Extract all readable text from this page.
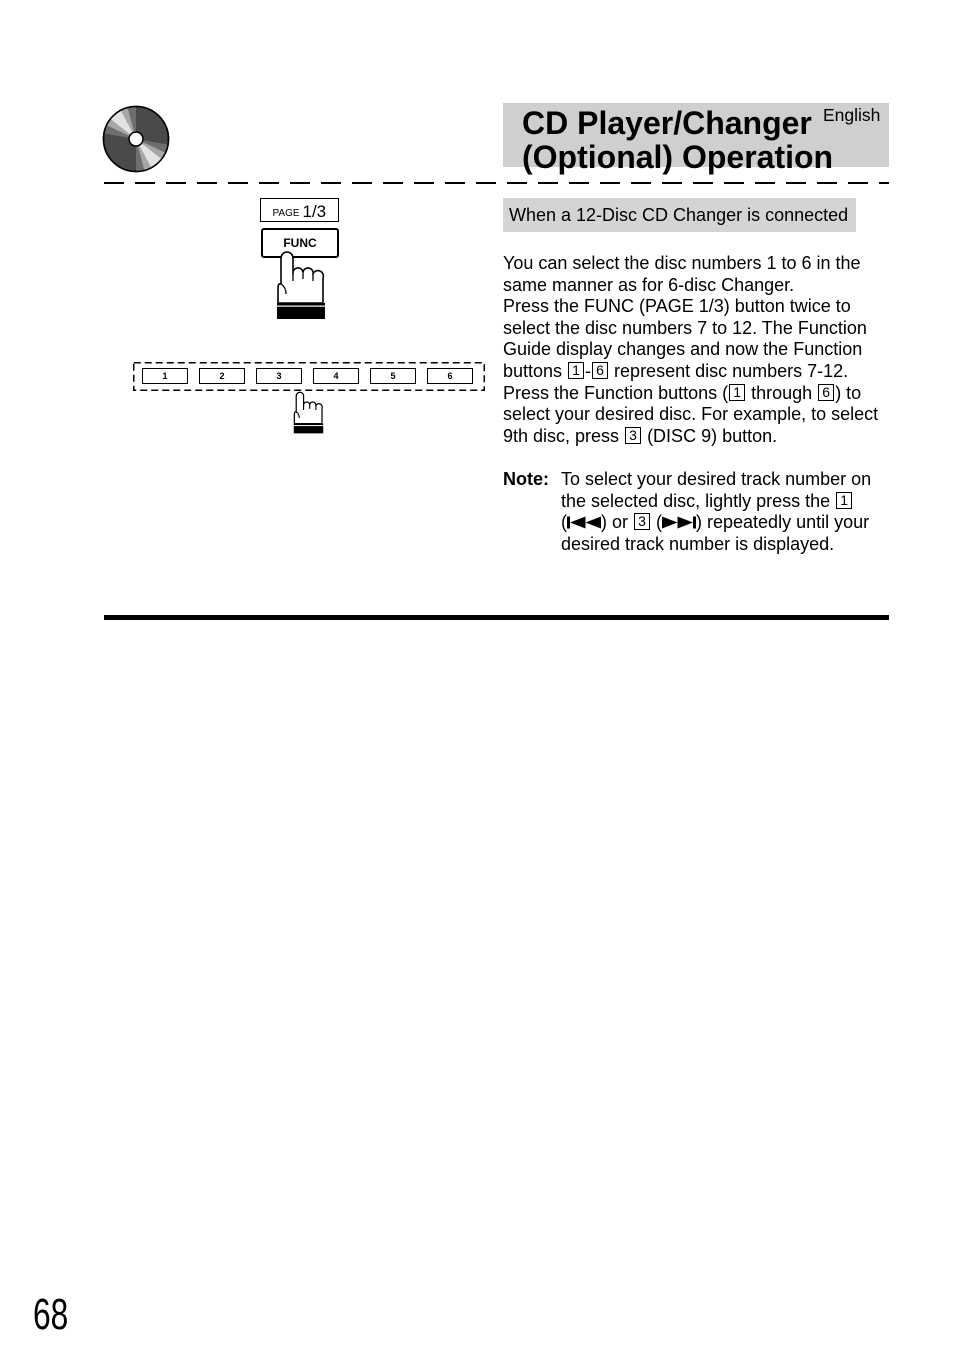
CD Player/Changer
(Optional) Operation
English
PAGE 1/3
FUNC
1	2	3	4	5	6
When a 12-Disc CD Changer is connected
You can select the disc numbers 1 to 6 in the
same manner as for 6-disc Changer.
Press the FUNC (PAGE 1/3) button twice to
select the disc numbers 7 to 12. The Function
Guide display changes and now the Function
buttons 1 - 6 represent disc numbers 7-12.
Press the Function buttons ( 1 through 6 ) to
select your desired disc. For example, to select
9th disc, press 3 (DISC 9) button.
Note: To select your desired track number on
the selected disc, lightly press the 1
( ) or 3 ( ) repeatedly until your
desired track number is displayed.
68
